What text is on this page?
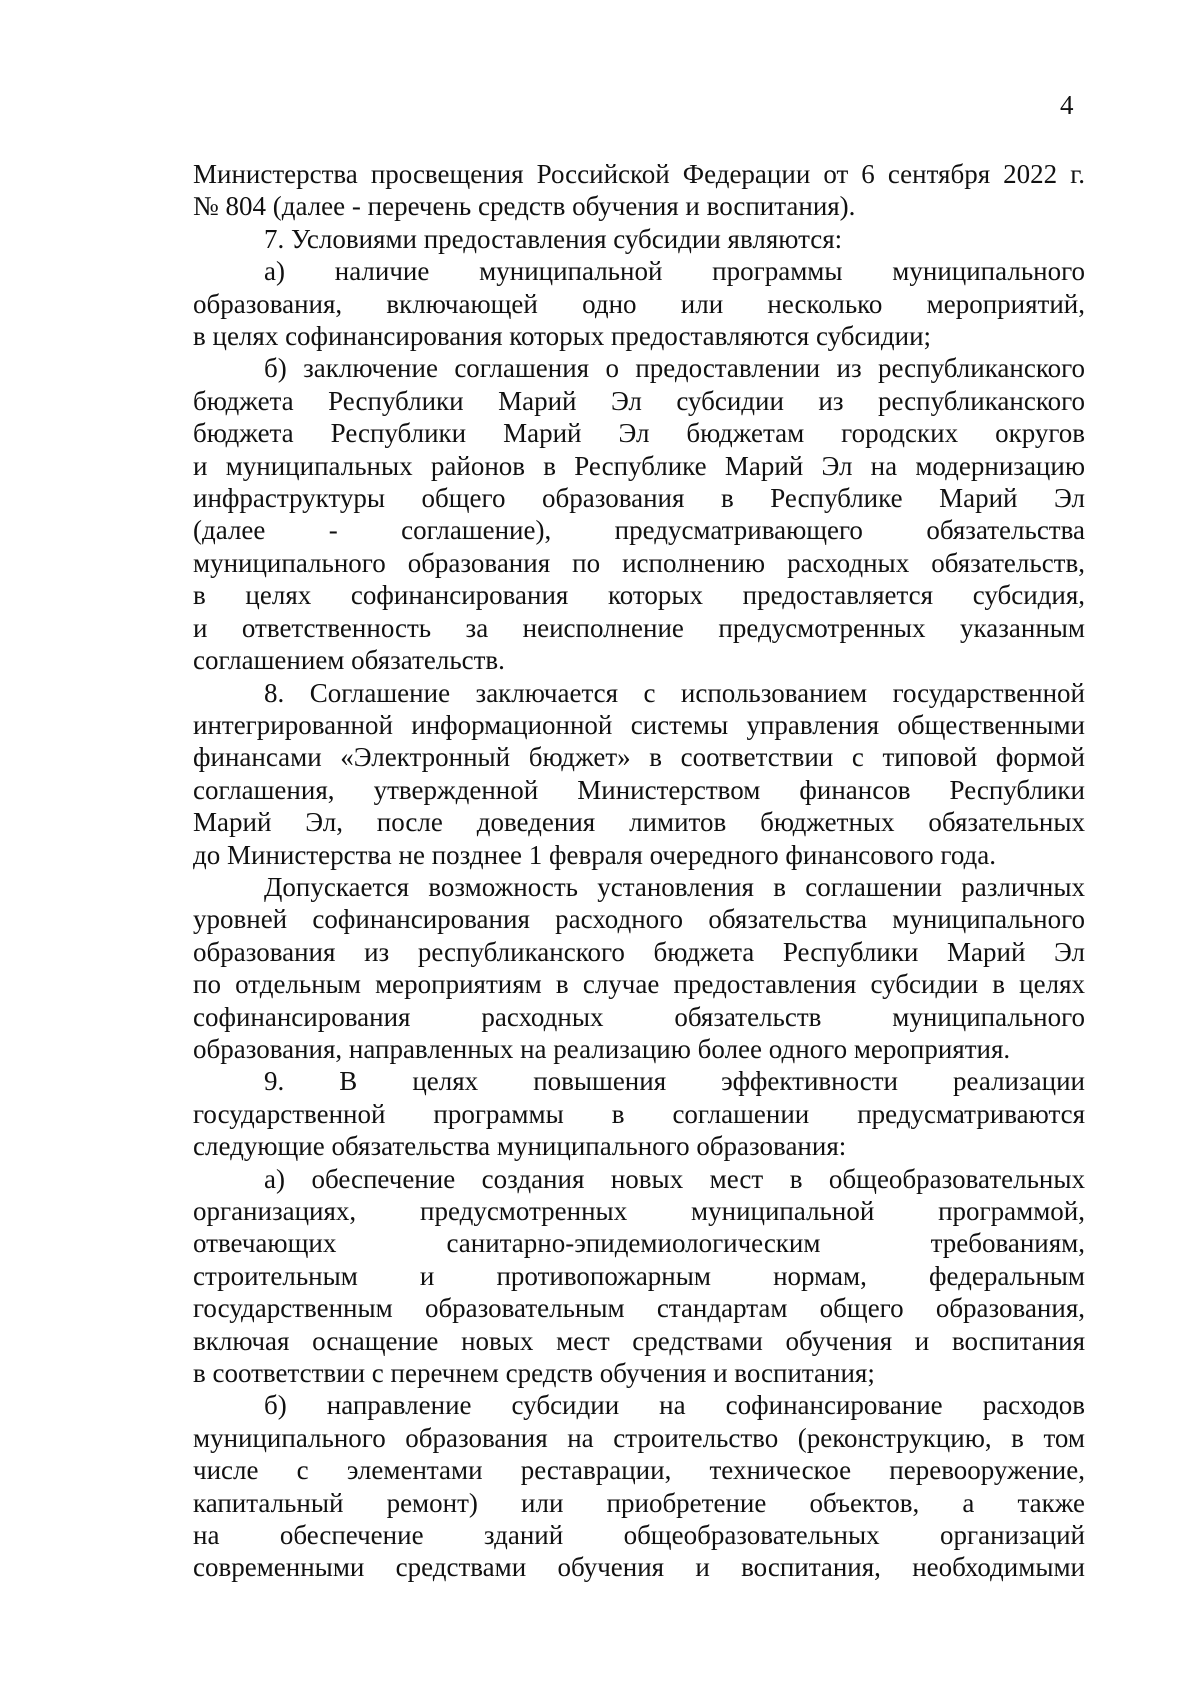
4
Министерства просвещения Российской Федерации от 6 сентября 2022 г.
№ 804 (далее - перечень средств обучения и воспитания).
7. Условиями предоставления субсидии являются:
а) наличие муниципальной программы муниципального
образования, включающей одно или несколько мероприятий,
в целях софинансирования которых предоставляются субсидии;
б) заключение соглашения о предоставлении из республиканского
бюджета Республики Марий Эл субсидии из республиканского
бюджета Республики Марий Эл бюджетам городских округов
и муниципальных районов в Республике Марий Эл на модернизацию
инфраструктуры общего образования в Республике Марий Эл
(далее - соглашение), предусматривающего обязательства
муниципального образования по исполнению расходных обязательств,
в целях софинансирования которых предоставляется субсидия,
и ответственность за неисполнение предусмотренных указанным
соглашением обязательств.
8. Соглашение заключается с использованием государственной
интегрированной информационной системы управления общественными
финансами «Электронный бюджет» в соответствии с типовой формой
соглашения, утвержденной Министерством финансов Республики
Марий Эл, после доведения лимитов бюджетных обязательных
до Министерства не позднее 1 февраля очередного финансового года.
Допускается возможность установления в соглашении различных
уровней софинансирования расходного обязательства муниципального
образования из республиканского бюджета Республики Марий Эл
по отдельным мероприятиям в случае предоставления субсидии в целях
софинансирования расходных обязательств муниципального
образования, направленных на реализацию более одного мероприятия.
9. В целях повышения эффективности реализации
государственной программы в соглашении предусматриваются
следующие обязательства муниципального образования:
а) обеспечение создания новых мест в общеобразовательных
организациях, предусмотренных муниципальной программой,
отвечающих санитарно-эпидемиологическим требованиям,
строительным и противопожарным нормам, федеральным
государственным образовательным стандартам общего образования,
включая оснащение новых мест средствами обучения и воспитания
в соответствии с перечнем средств обучения и воспитания;
б) направление субсидии на софинансирование расходов
муниципального образования на строительство (реконструкцию, в том
числе с элементами реставрации, техническое перевооружение,
капитальный ремонт) или приобретение объектов, а также
на обеспечение зданий общеобразовательных организаций
современными средствами обучения и воспитания, необходимыми
